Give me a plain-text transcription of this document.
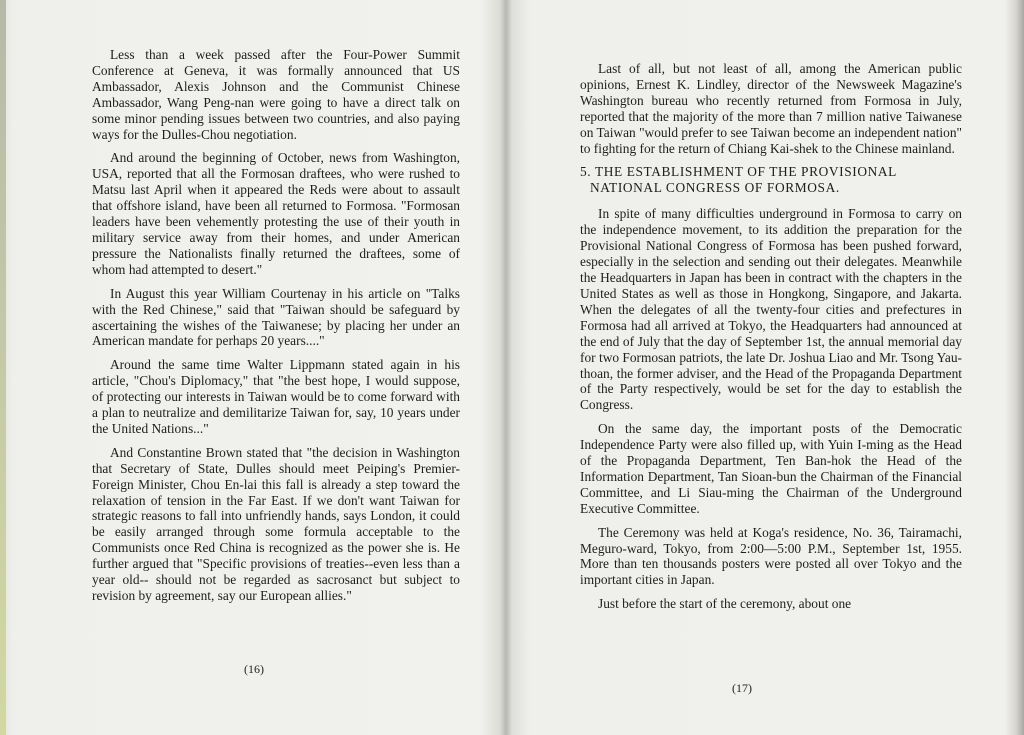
Less than a week passed after the Four-Power Summit Conference at Geneva, it was formally announced that US Ambassador, Alexis Johnson and the Communist Chinese Ambassador, Wang Peng-nan were going to have a direct talk on some minor pending issues between two countries, and also paying ways for the Dulles-Chou negotiation.

And around the beginning of October, news from Washington, USA, reported that all the Formosan draftees, who were rushed to Matsu last April when it appeared the Reds were about to assault that offshore island, have been all returned to Formosa. "Formosan leaders have been vehemently protesting the use of their youth in military service away from their homes, and under American pressure the Nationalists finally returned the draftees, some of whom had attempted to desert."

In August this year William Courtenay in his article on "Talks with the Red Chinese," said that "Taiwan should be safeguard by ascertaining the wishes of the Taiwanese; by placing her under an American mandate for perhaps 20 years...."

Around the same time Walter Lippmann stated again in his article, "Chou's Diplomacy," that "the best hope, I would suppose, of protecting our interests in Taiwan would be to come forward with a plan to neutralize and demilitarize Taiwan for, say, 10 years under the United Nations..."

And Constantine Brown stated that "the decision in Washington that Secretary of State, Dulles should meet Peiping's Premier-Foreign Minister, Chou En-lai this fall is already a step toward the relaxation of tension in the Far East. If we don't want Taiwan for strategic reasons to fall into unfriendly hands, says London, it could be easily arranged through some formula acceptable to the Communists once Red China is recognized as the power she is. He further argued that "Specific provisions of treaties--even less than a year old-- should not be regarded as sacrosanct but subject to revision by agreement, say our European allies."

(16)

Last of all, but not least of all, among the American public opinions, Ernest K. Lindley, director of the Newsweek Magazine's Washington bureau who recently returned from Formosa in July, reported that the majority of the more than 7 million native Taiwanese on Taiwan "would prefer to see Taiwan become an independent nation" to fighting for the return of Chiang Kai-shek to the Chinese mainland.

5. THE ESTABLISHMENT OF THE PROVISIONAL
NATIONAL CONGRESS OF FORMOSA.

In spite of many difficulties underground in Formosa to carry on the independence movement, to its addition the preparation for the Provisional National Congress of Formosa has been pushed forward, especially in the selection and sending out their delegates. Meanwhile the Headquarters in Japan has been in contract with the chapters in the United States as well as those in Hongkong, Singapore, and Jakarta. When the delegates of all the twenty-four cities and prefectures in Formosa had all arrived at Tokyo, the Headquarters had announced at the end of July that the day of September 1st, the annual memorial day for two Formosan patriots, the late Dr. Joshua Liao and Mr. Tsong Yau-thoan, the former adviser, and the Head of the Propaganda Department of the Party respectively, would be set for the day to establish the Congress.

On the same day, the important posts of the Democratic Independence Party were also filled up, with Yuin I-ming as the Head of the Propaganda Department, Ten Ban-hok the Head of the Information Department, Tan Sioan-bun the Chairman of the Financial Committee, and Li Siau-ming the Chairman of the Underground Executive Committee.

The Ceremony was held at Koga's residence, No. 36, Tairamachi, Meguro-ward, Tokyo, from 2:00—5:00 P.M., September 1st, 1955. More than ten thousands posters were posted all over Tokyo and the important cities in Japan.

Just before the start of the ceremony, about one

(17)
